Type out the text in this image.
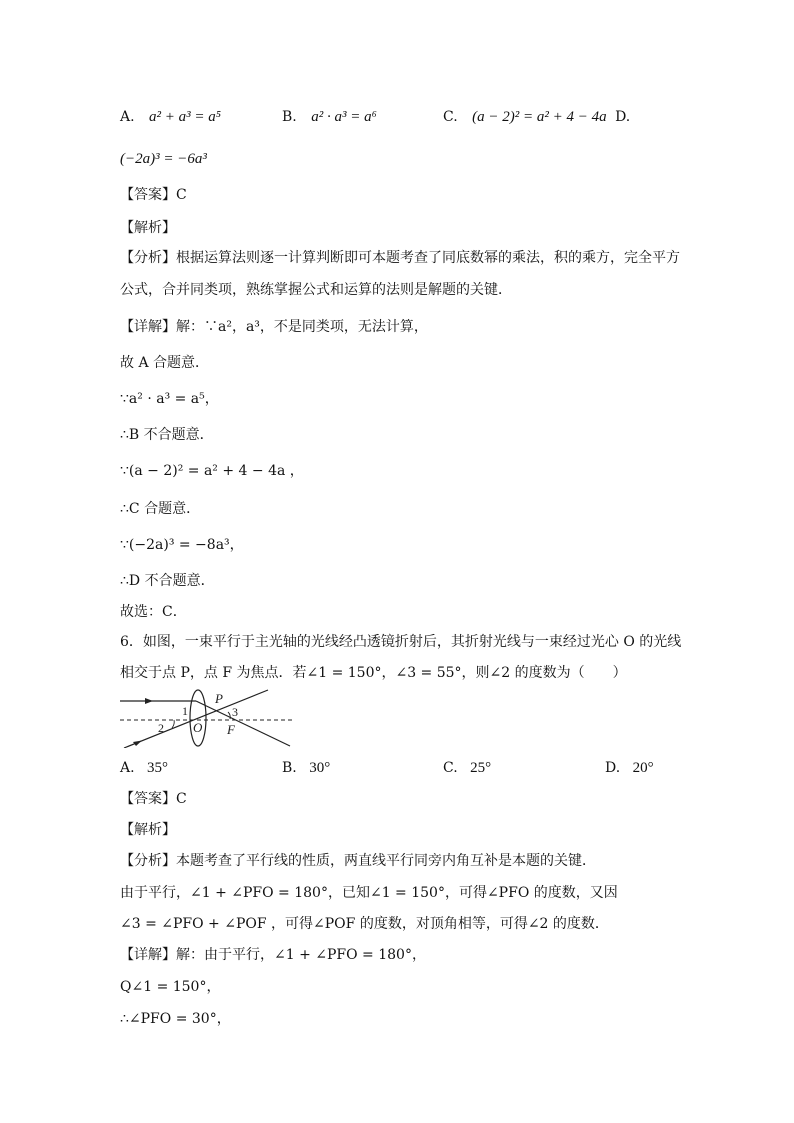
A. a² + a³ = a⁵	B. a² · a³ = a⁶	C. (a − 2)² = a² + 4 − 4a D.
(−2a)³ = −6a³
【答案】C
【解析】
【分析】根据运算法则逐一计算判断即可本题考查了同底数幂的乘法，积的乘方，完全平方
公式，合并同类项，熟练掌握公式和运算的法则是解题的关键．
【详解】解：∵a²，a³，不是同类项，无法计算，
故 A 合题意．
∵a² · a³ = a⁵，
∴B 不合题意．
∵(a − 2)² = a² + 4 − 4a ，
∴C 合题意．
∵(−2a)³ = −8a³，
∴D 不合题意．
故选：C．
6．如图，一束平行于主光轴的光线经凸透镜折射后，其折射光线与一束经过光心 O 的光线
相交于点 P，点 F 为焦点．若∠1 = 150°，∠3 = 55°，则∠2 的度数为（　　）
P
O F
1
2
3
A. 35°	B. 30°	C. 25°	D. 20°
【答案】C
【解析】
【分析】本题考查了平行线的性质，两直线平行同旁内角互补是本题的关键．
由于平行，∠1 + ∠PFO = 180°，已知∠1 = 150°，可得∠PFO 的度数，又因
∠3 = ∠PFO + ∠POF ，可得∠POF 的度数，对顶角相等，可得∠2 的度数．
【详解】解：由于平行，∠1 + ∠PFO = 180°，
Q∠1 = 150°，
∴∠PFO = 30°，
